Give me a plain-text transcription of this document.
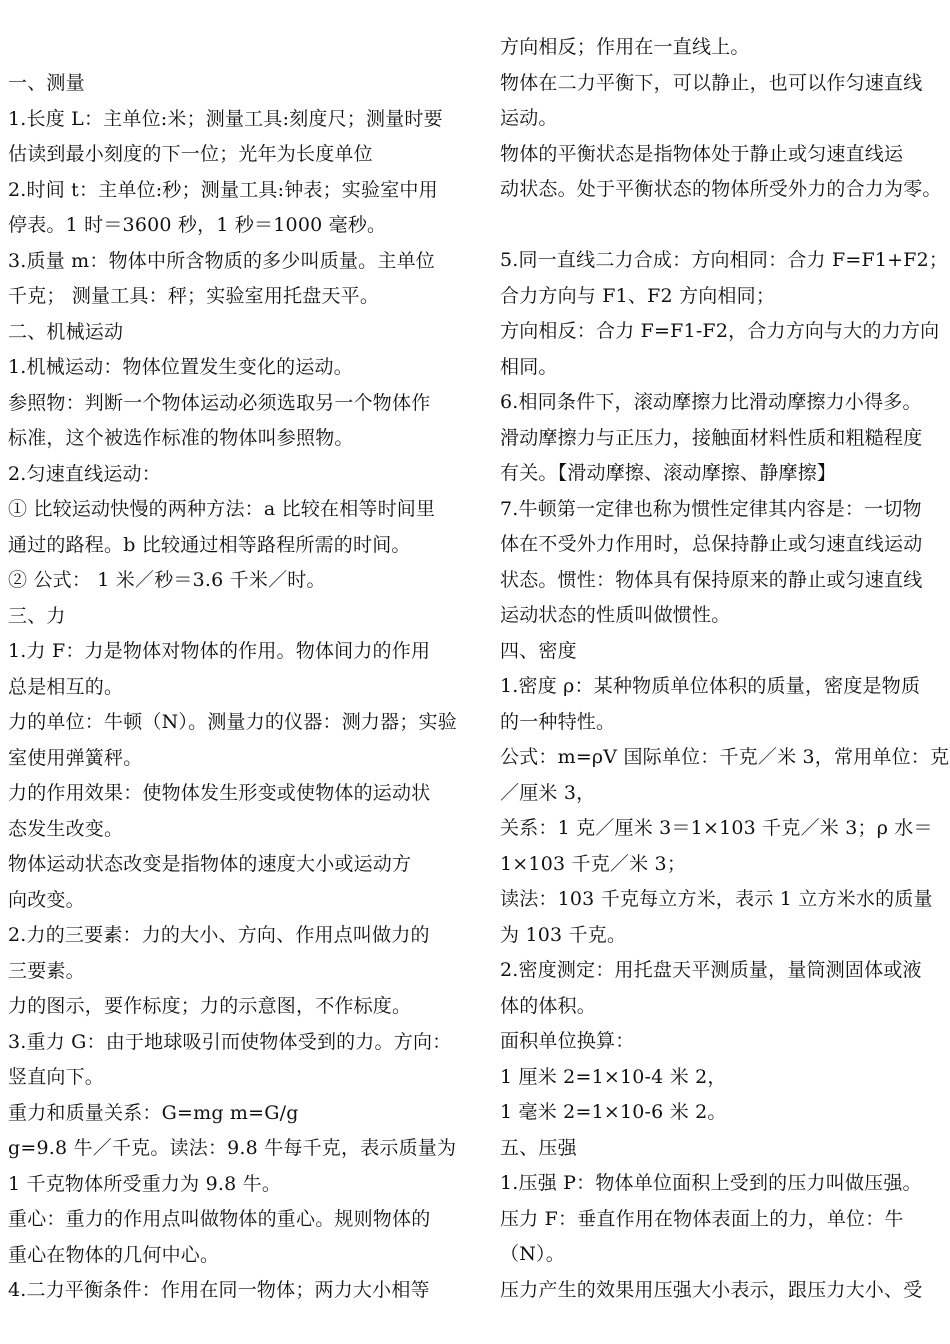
一、测量
1.长度 L：主单位:米；测量工具:刻度尺；测量时要
估读到最小刻度的下一位；光年为长度单位
2.时间 t：主单位:秒；测量工具:钟表；实验室中用
停表。1 时＝3600 秒，1 秒＝1000 毫秒。
3.质量 m：物体中所含物质的多少叫质量。主单位
千克； 测量工具：秤；实验室用托盘天平。
二、机械运动
1.机械运动：物体位置发生变化的运动。
参照物：判断一个物体运动必须选取另一个物体作
标准，这个被选作标准的物体叫参照物。
2.匀速直线运动：
① 比较运动快慢的两种方法：a 比较在相等时间里
通过的路程。b 比较通过相等路程所需的时间。
② 公式： 1 米／秒＝3.6 千米／时。
三、力
1.力 F：力是物体对物体的作用。物体间力的作用
总是相互的。
力的单位：牛顿（N）。测量力的仪器：测力器；实验
室使用弹簧秤。
力的作用效果：使物体发生形变或使物体的运动状
态发生改变。
物体运动状态改变是指物体的速度大小或运动方
向改变。
2.力的三要素：力的大小、方向、作用点叫做力的
三要素。
力的图示，要作标度；力的示意图，不作标度。
3.重力 G：由于地球吸引而使物体受到的力。方向：
竖直向下。
重力和质量关系：G=mg m=G/g
g=9.8 牛／千克。读法：9.8 牛每千克，表示质量为
1 千克物体所受重力为 9.8 牛。
重心：重力的作用点叫做物体的重心。规则物体的
重心在物体的几何中心。
4.二力平衡条件：作用在同一物体；两力大小相等
方向相反；作用在一直线上。
物体在二力平衡下，可以静止，也可以作匀速直线
运动。
物体的平衡状态是指物体处于静止或匀速直线运
动状态。处于平衡状态的物体所受外力的合力为零。
5.同一直线二力合成：方向相同：合力 F=F1+F2；
合力方向与 F1、F2 方向相同；
方向相反：合力 F=F1-F2，合力方向与大的力方向
相同。
6.相同条件下，滚动摩擦力比滑动摩擦力小得多。
滑动摩擦力与正压力，接触面材料性质和粗糙程度
有关。【滑动摩擦、滚动摩擦、静摩擦】
7.牛顿第一定律也称为惯性定律其内容是：一切物
体在不受外力作用时，总保持静止或匀速直线运动
状态。惯性：物体具有保持原来的静止或匀速直线
运动状态的性质叫做惯性。
四、密度
1.密度 ρ：某种物质单位体积的质量，密度是物质
的一种特性。
公式：m=ρV 国际单位：千克／米 3，常用单位：克
／厘米 3，
关系：1 克／厘米 3＝1×103 千克／米 3；ρ 水＝
1×103 千克／米 3；
读法：103 千克每立方米，表示 1 立方米水的质量
为 103 千克。
2.密度测定：用托盘天平测质量，量筒测固体或液
体的体积。
面积单位换算：
1 厘米 2=1×10-4 米 2，
1 毫米 2=1×10-6 米 2。
五、压强
1.压强 P：物体单位面积上受到的压力叫做压强。
压力 F：垂直作用在物体表面上的力，单位：牛
（N）。
压力产生的效果用压强大小表示，跟压力大小、受
